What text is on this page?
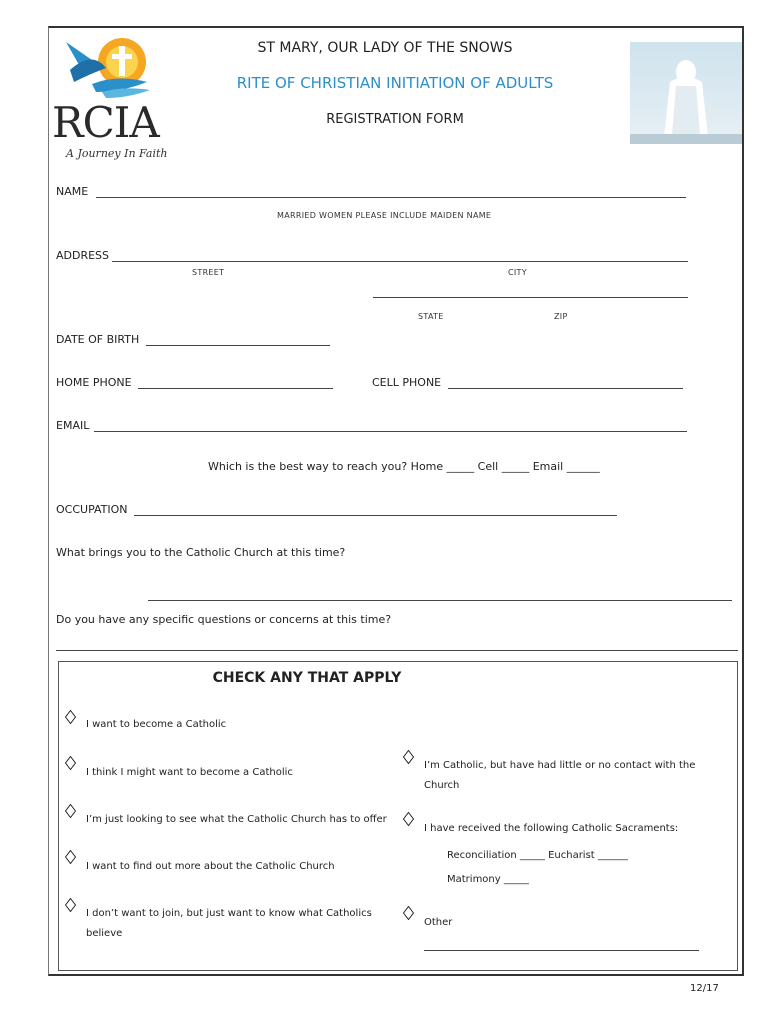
RCIA
A Journey In Faith
ST MARY, OUR LADY OF THE SNOWS
RITE OF CHRISTIAN INITIATION OF ADULTS
REGISTRATION FORM
NAME
MARRIED WOMEN PLEASE INCLUDE MAIDEN NAME
ADDRESS
STREET	CITY
STATE	ZIP
DATE OF BIRTH
HOME PHONE	CELL PHONE
EMAIL
Which is the best way to reach you? Home _____ Cell _____ Email ______
OCCUPATION
What brings you to the Catholic Church at this time?
Do you have any specific questions or concerns at this time?
CHECK ANY THAT APPLY
I want to become a Catholic
I think I might want to become a Catholic
I’m just looking to see what the Catholic Church has to offer
I want to find out more about the Catholic Church
I don’t want to join, but just want to know what Catholics
believe
I’m Catholic, but have had little or no contact with the
Church
I have received the following Catholic Sacraments:
Reconciliation _____ Eucharist ______
Matrimony _____
Other
12/17
